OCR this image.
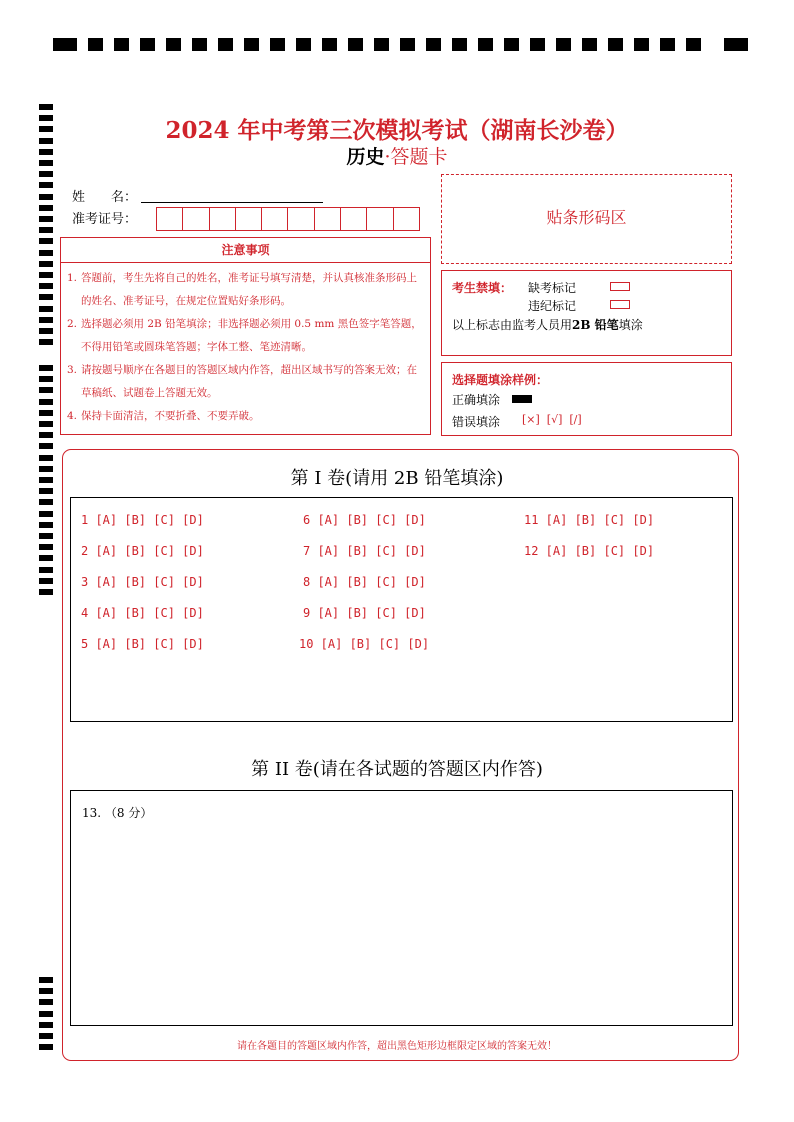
2024 年中考第三次模拟考试（湖南长沙卷）
历史·答题卡
姓　　名：
准考证号：
注意事项
1. 答题前，考生先将自己的姓名，准考证号填写清楚，并认真核准条形码上的姓名、准考证号，在规定位置贴好条形码。
2. 选择题必须用 2B 铅笔填涂；非选择题必须用 0.5 mm 黑色签字笔答题，不得用铅笔或圆珠笔答题；字体工整、笔迹清晰。
3. 请按题号顺序在各题目的答题区域内作答，超出区域书写的答案无效；在草稿纸、试题卷上答题无效。
4. 保持卡面清洁，不要折叠、不要弄破。
贴条形码区
考生禁填： 缺考标记
违纪标记
以上标志由监考人员用2B 铅笔填涂
选择题填涂样例：
正确填涂
错误填涂 [×]  [√]  [/]
第 I 卷(请用 2B 铅笔填涂)
1 [A] [B] [C] [D]
2 [A] [B] [C] [D]
3 [A] [B] [C] [D]
4 [A] [B] [C] [D]
5 [A] [B] [C] [D]
6 [A] [B] [C] [D]
7 [A] [B] [C] [D]
8 [A] [B] [C] [D]
9 [A] [B] [C] [D]
10 [A] [B] [C] [D]
11 [A] [B] [C] [D]
12 [A] [B] [C] [D]
第 II 卷(请在各试题的答题区内作答)
13. （8 分）
请在各题目的答题区域内作答，超出黑色矩形边框限定区域的答案无效！
